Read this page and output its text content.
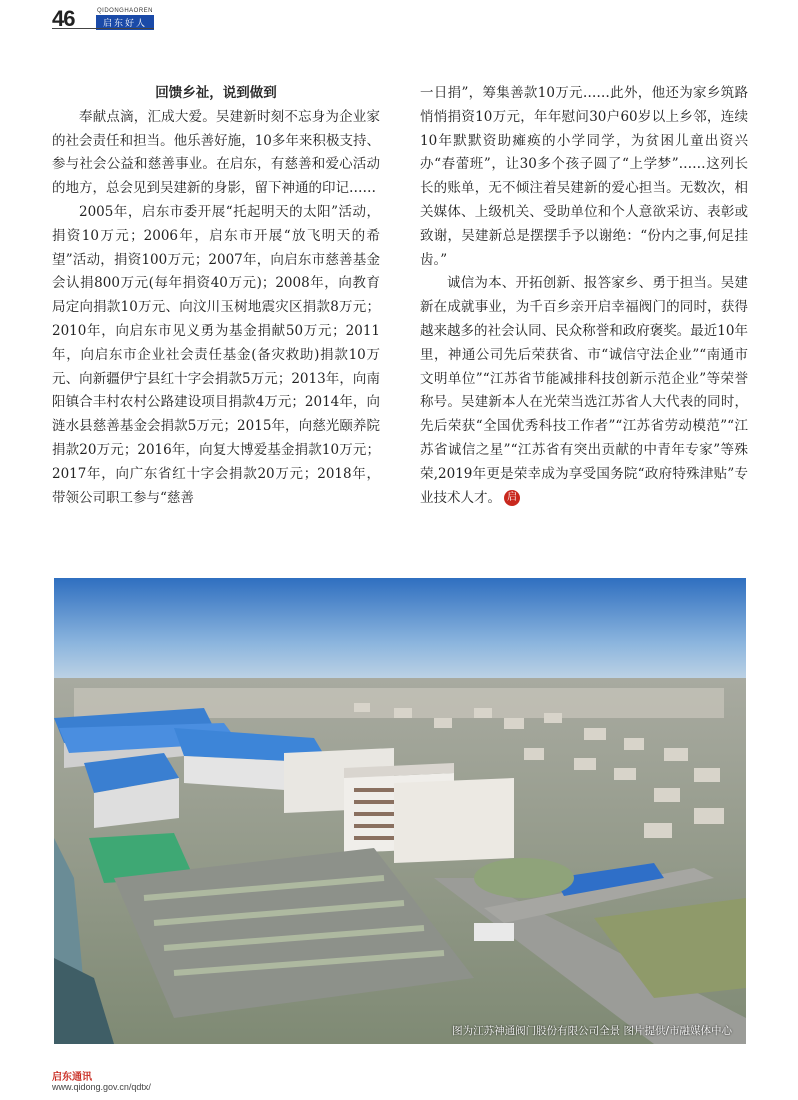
46	QIDONGHAOREN
启东好人

回馈乡祉，说到做到

奉献点滴，汇成大爱。吴建新时刻不忘身为企业家的社会责任和担当。他乐善好施，10多年来积极支持、参与社会公益和慈善事业。在启东，有慈善和爱心活动的地方，总会见到吴建新的身影，留下神通的印记……

2005年，启东市委开展“托起明天的太阳”活动，捐资10万元；2006年，启东市开展“放飞明天的希望”活动，捐资100万元；2007年，向启东市慈善基金会认捐800万元(每年捐资40万元)；2008年，向教育局定向捐款10万元、向汶川玉树地震灾区捐款8万元；2010年，向启东市见义勇为基金捐献50万元；2011年，向启东市企业社会责任基金(备灾救助)捐款10万元、向新疆伊宁县红十字会捐款5万元；2013年，向南阳镇合丰村农村公路建设项目捐款4万元；2014年，向涟水县慈善基金会捐款5万元；2015年，向慈光颐养院捐款20万元；2016年，向复大博爱基金捐款10万元；2017年，向广东省红十字会捐款20万元；2018年，带领公司职工参与“慈善

一日捐”，筹集善款10万元……此外，他还为家乡筑路悄悄捐资10万元，年年慰问30户60岁以上乡邻，连续10年默默资助瘫痪的小学同学，为贫困儿童出资兴办“春蕾班”，让30多个孩子圆了“上学梦”……这列长长的账单，无不倾注着吴建新的爱心担当。无数次，相关媒体、上级机关、受助单位和个人意欲采访、表彰或致谢，吴建新总是摆摆手予以谢绝：“份内之事,何足挂齿。”

诚信为本、开拓创新、报答家乡、勇于担当。吴建新在成就事业，为千百乡亲开启幸福阀门的同时，获得越来越多的社会认同、民众称誉和政府褒奖。最近10年里，神通公司先后荣获省、市“诚信守法企业”“南通市文明单位”“江苏省节能减排科技创新示范企业”等荣誉称号。吴建新本人在光荣当选江苏省人大代表的同时，先后荣获“全国优秀科技工作者”“江苏省劳动模范”“江苏省诚信之星”“江苏省有突出贡献的中青年专家”等殊荣,2019年更是荣幸成为享受国务院“政府特殊津贴”专业技术人才。 启

图为江苏神通阀门股份有限公司全景 图片提供/市融媒体中心
启东通讯
www.qidong.gov.cn/qdtx/
